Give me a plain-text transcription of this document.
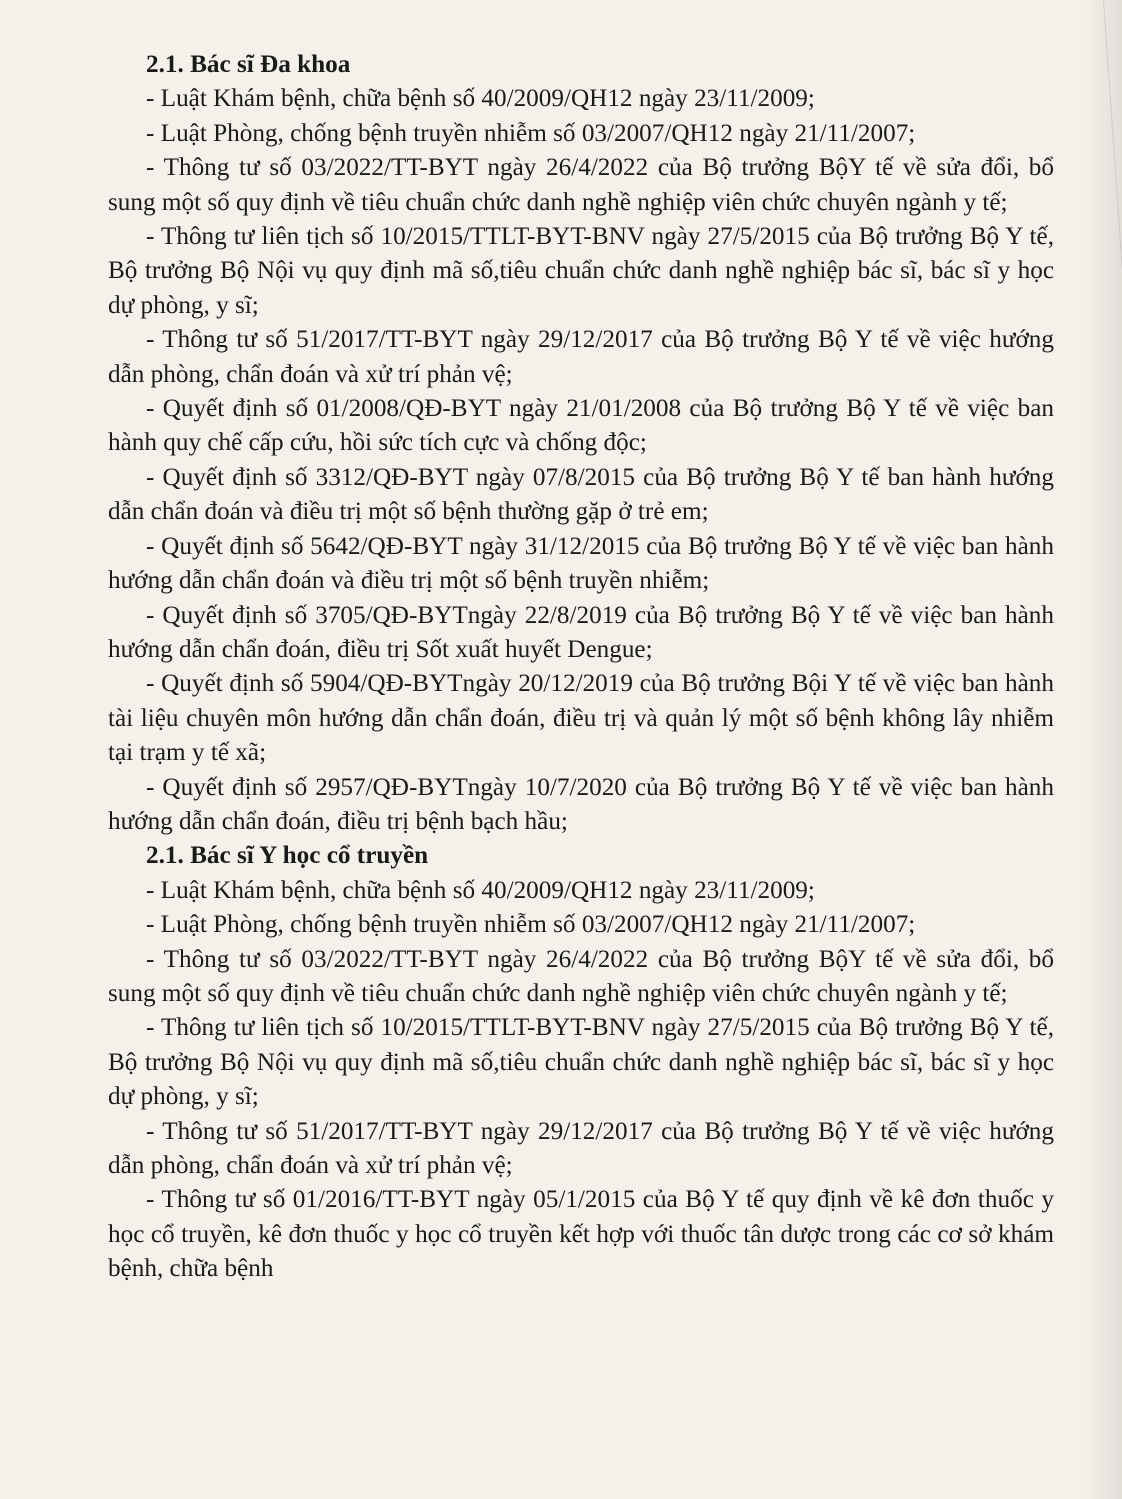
2.1. Bác sĩ Đa khoa

- Luật Khám bệnh, chữa bệnh số 40/2009/QH12 ngày 23/11/2009;

- Luật Phòng, chống bệnh truyền nhiễm số 03/2007/QH12 ngày 21/11/2007;

- Thông tư số 03/2022/TT-BYT ngày 26/4/2022 của Bộ trưởng BộY tế về sửa đổi, bổ sung một số quy định về tiêu chuẩn chức danh nghề nghiệp viên chức chuyên ngành y tế;

- Thông tư liên tịch số 10/2015/TTLT-BYT-BNV ngày 27/5/2015 của Bộ trưởng Bộ Y tế, Bộ trưởng Bộ Nội vụ quy định mã số,tiêu chuẩn chức danh nghề nghiệp bác sĩ, bác sĩ y học dự phòng, y sĩ;

- Thông tư số 51/2017/TT-BYT ngày 29/12/2017 của Bộ trưởng Bộ Y tế về việc hướng dẫn phòng, chẩn đoán và xử trí phản vệ;

- Quyết định số 01/2008/QĐ-BYT ngày 21/01/2008 của Bộ trưởng Bộ Y tế về việc ban hành quy chế cấp cứu, hồi sức tích cực và chống độc;

- Quyết định số 3312/QĐ-BYT ngày 07/8/2015 của Bộ trưởng Bộ Y tế ban hành hướng dẫn chẩn đoán và điều trị một số bệnh thường gặp ở trẻ em;

- Quyết định số 5642/QĐ-BYT ngày 31/12/2015 của Bộ trưởng Bộ Y tế về việc ban hành hướng dẫn chẩn đoán và điều trị một số bệnh truyền nhiễm;

- Quyết định số 3705/QĐ-BYTngày 22/8/2019 của Bộ trưởng Bộ Y tế về việc ban hành hướng dẫn chẩn đoán, điều trị Sốt xuất huyết Dengue;

- Quyết định số 5904/QĐ-BYTngày 20/12/2019 của Bộ trưởng Bội Y tế về việc ban hành tài liệu chuyên môn hướng dẫn chẩn đoán, điều trị và quản lý một số bệnh không lây nhiễm tại trạm y tế xã;

- Quyết định số 2957/QĐ-BYTngày 10/7/2020 của Bộ trưởng Bộ Y tế về việc ban hành hướng dẫn chẩn đoán, điều trị bệnh bạch hầu;

2.1. Bác sĩ Y học cổ truyền

- Luật Khám bệnh, chữa bệnh số 40/2009/QH12 ngày 23/11/2009;

- Luật Phòng, chống bệnh truyền nhiễm số 03/2007/QH12 ngày 21/11/2007;

- Thông tư số 03/2022/TT-BYT ngày 26/4/2022 của Bộ trưởng BộY tế về sửa đổi, bổ sung một số quy định về tiêu chuẩn chức danh nghề nghiệp viên chức chuyên ngành y tế;

- Thông tư liên tịch số 10/2015/TTLT-BYT-BNV ngày 27/5/2015 của Bộ trưởng Bộ Y tế, Bộ trưởng Bộ Nội vụ quy định mã số,tiêu chuẩn chức danh nghề nghiệp bác sĩ, bác sĩ y học dự phòng, y sĩ;

- Thông tư số 51/2017/TT-BYT ngày 29/12/2017 của Bộ trưởng Bộ Y tế về việc hướng dẫn phòng, chẩn đoán và xử trí phản vệ;

- Thông tư số 01/2016/TT-BYT ngày 05/1/2015 của Bộ Y tế quy định về kê đơn thuốc y học cổ truyền, kê đơn thuốc y học cổ truyền kết hợp với thuốc tân dược trong các cơ sở khám bệnh, chữa bệnh
